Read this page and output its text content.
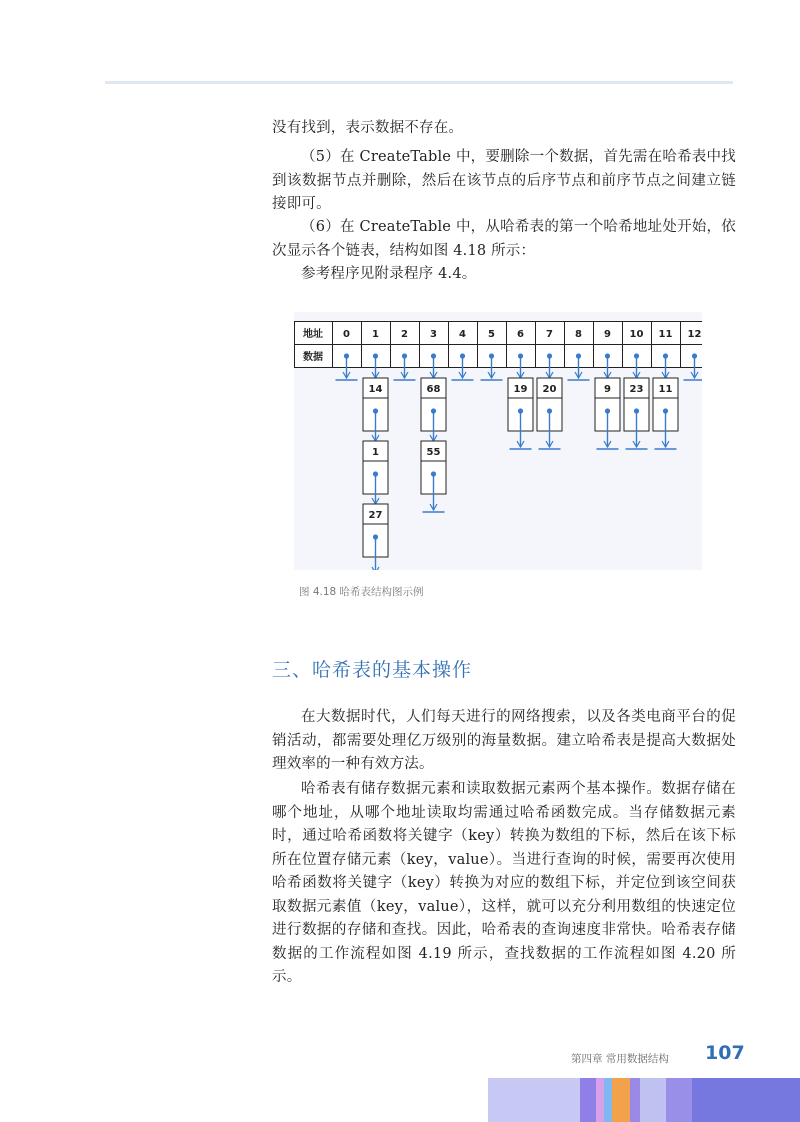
没有找到，表示数据不存在。

（5）在 CreateTable 中，要删除一个数据，首先需在哈希表中找到该数据节点并删除，然后在该节点的后序节点和前序节点之间建立链接即可。

（6）在 CreateTable 中，从哈希表的第一个哈希地址处开始，依次显示各个链表，结构如图 4.18 所示：

参考程序见附录程序 4.4。

地址
数据
0 1 2 3 4 5 6 7 8 9 10 11 12
14
1
27
68
55
19 20	9 23 11
图 4.18 哈希表结构图示例
三、哈希表的基本操作

在大数据时代，人们每天进行的网络搜索，以及各类电商平台的促销活动，都需要处理亿万级别的海量数据。建立哈希表是提高大数据处理效率的一种有效方法。

哈希表有储存数据元素和读取数据元素两个基本操作。数据存储在哪个地址，从哪个地址读取均需通过哈希函数完成。当存储数据元素时，通过哈希函数将关键字（key）转换为数组的下标，然后在该下标所在位置存储元素（key，value）。当进行查询的时候，需要再次使用哈希函数将关键字（key）转换为对应的数组下标，并定位到该空间获取数据元素值（key，value），这样，就可以充分利用数组的快速定位进行数据的存储和查找。因此，哈希表的查询速度非常快。哈希表存储数据的工作流程如图 4.19 所示，查找数据的工作流程如图 4.20 所示。

第四章 常用数据结构 107
